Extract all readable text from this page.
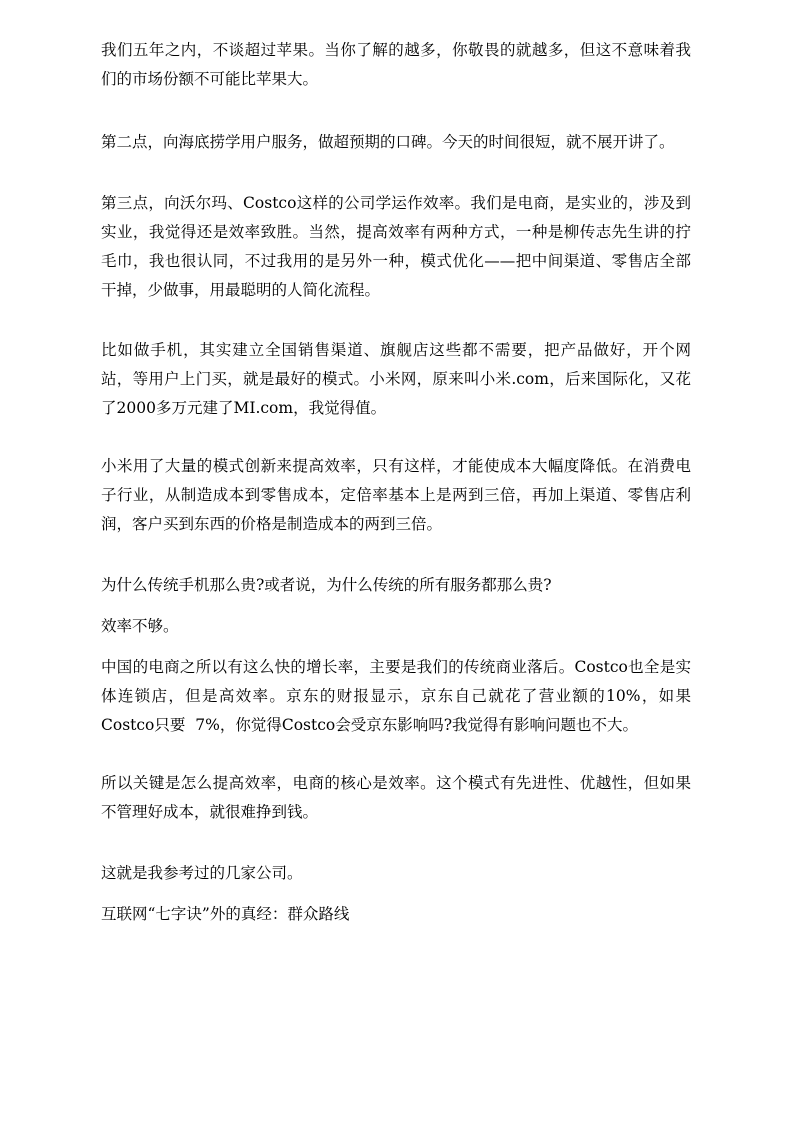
我们五年之内，不谈超过苹果。当你了解的越多，你敬畏的就越多，但这不意味着我
们的市场份额不可能比苹果大。
第二点，向海底捞学用户服务，做超预期的口碑。今天的时间很短，就不展开讲了。
第三点，向沃尔玛、Costco这样的公司学运作效率。我们是电商，是实业的，涉及到
实业，我觉得还是效率致胜。当然，提高效率有两种方式，一种是柳传志先生讲的拧
毛巾，我也很认同，不过我用的是另外一种，模式优化——把中间渠道、零售店全部
干掉，少做事，用最聪明的人简化流程。
比如做手机，其实建立全国销售渠道、旗舰店这些都不需要，把产品做好，开个网
站，等用户上门买，就是最好的模式。小米网，原来叫小米.com，后来国际化，又花
了2000多万元建了MI.com，我觉得值。
小米用了大量的模式创新来提高效率，只有这样，才能使成本大幅度降低。在消费电
子行业，从制造成本到零售成本，定倍率基本上是两到三倍，再加上渠道、零售店利
润，客户买到东西的价格是制造成本的两到三倍。
为什么传统手机那么贵?或者说，为什么传统的所有服务都那么贵?
效率不够。
中国的电商之所以有这么快的增长率，主要是我们的传统商业落后。Costco也全是实
体连锁店，但是高效率。京东的财报显示，京东自己就花了营业额的10%，如果
Costco只要  7%，你觉得Costco会受京东影响吗?我觉得有影响问题也不大。
所以关键是怎么提高效率，电商的核心是效率。这个模式有先进性、优越性，但如果
不管理好成本，就很难挣到钱。
这就是我参考过的几家公司。
互联网“七字诀”外的真经：群众路线
